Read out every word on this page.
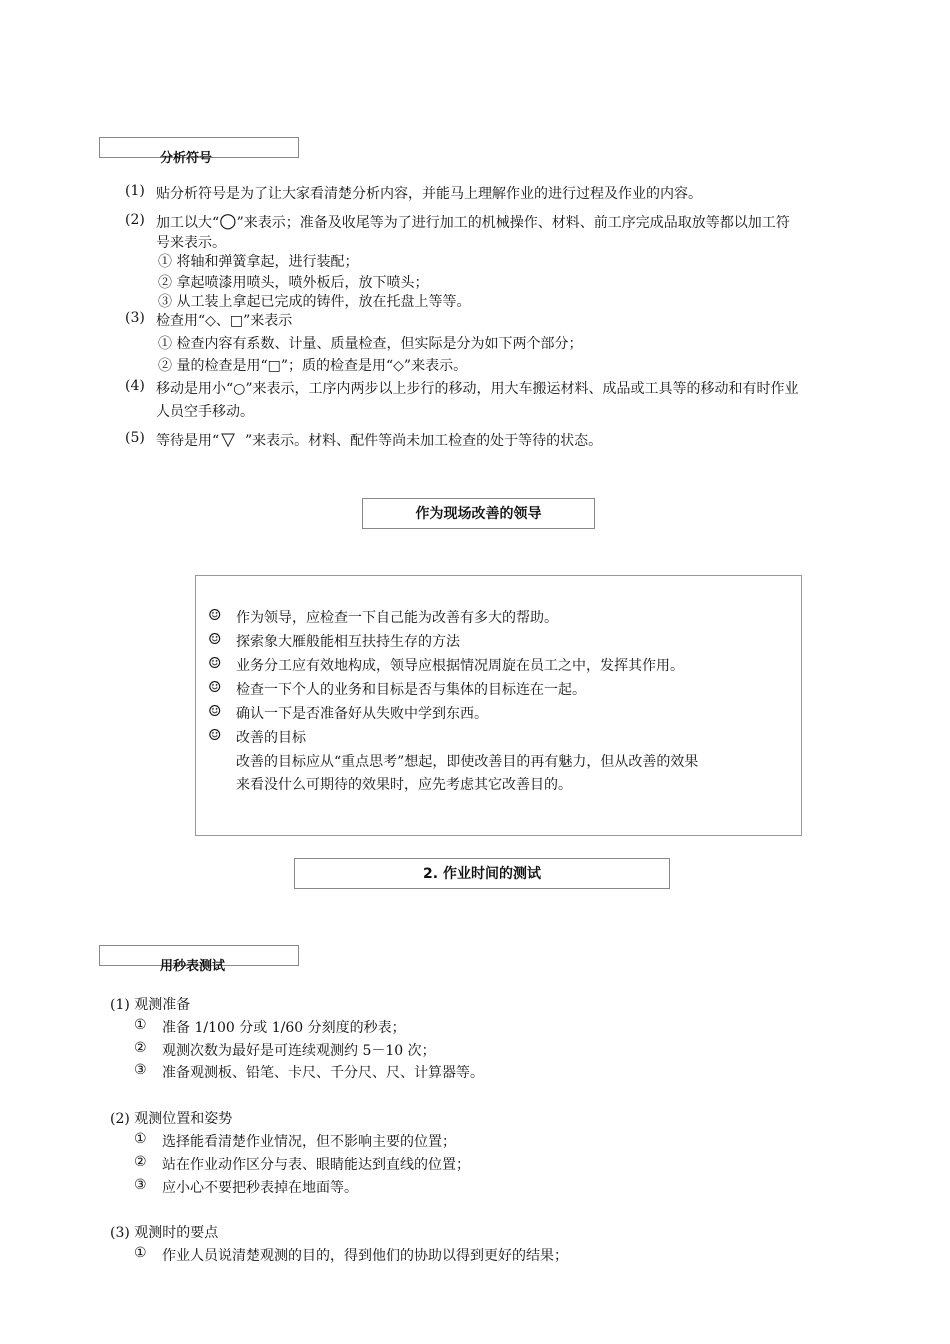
分析符号
(1) 贴分析符号是为了让大家看清楚分析内容，并能马上理解作业的进行过程及作业的内容。
(2) 加工以大“○”来表示；准备及收尾等为了进行加工的机械操作、材料、前工序完成品取放等都以加工符
号来表示。
① 将轴和弹簧拿起，进行装配；
② 拿起喷漆用喷头，喷外板后，放下喷头；
③ 从工装上拿起已完成的铸件，放在托盘上等等。
(3) 检查用“◇、□”来表示
① 检查内容有系数、计量、质量检查，但实际是分为如下两个部分；
② 量的检查是用“□”；质的检查是用“◇”来表示。
(4) 移动是用小“○”来表示，工序内两步以上步行的移动，用大车搬运材料、成品或工具等的移动和有时作业
人员空手移动。
(5) 等待是用“ ▽ ”来表示。材料、配件等尚未加工检查的处于等待的状态。
作为现场改善的领导
☺ 作为领导，应检查一下自己能为改善有多大的帮助。
☺ 探索象大雁般能相互扶持生存的方法
☺ 业务分工应有效地构成，领导应根据情况周旋在员工之中，发挥其作用。
☺ 检查一下个人的业务和目标是否与集体的目标连在一起。
☺ 确认一下是否准备好从失败中学到东西。
☺ 改善的目标
改善的目标应从“重点思考”想起，即使改善目的再有魅力，但从改善的效果
来看没什么可期待的效果时，应先考虑其它改善目的。
2. 作业时间的测试
用秒表测试
(1) 观测准备
① 准备 1/100 分或 1/60 分刻度的秒表；
② 观测次数为最好是可连续观测约 5－10 次；
③ 准备观测板、铅笔、卡尺、千分尺、尺、计算器等。
(2) 观测位置和姿势
① 选择能看清楚作业情况，但不影响主要的位置；
② 站在作业动作区分与表、眼睛能达到直线的位置；
③ 应小心不要把秒表掉在地面等。
(3) 观测时的要点
① 作业人员说清楚观测的目的，得到他们的协助以得到更好的结果；
